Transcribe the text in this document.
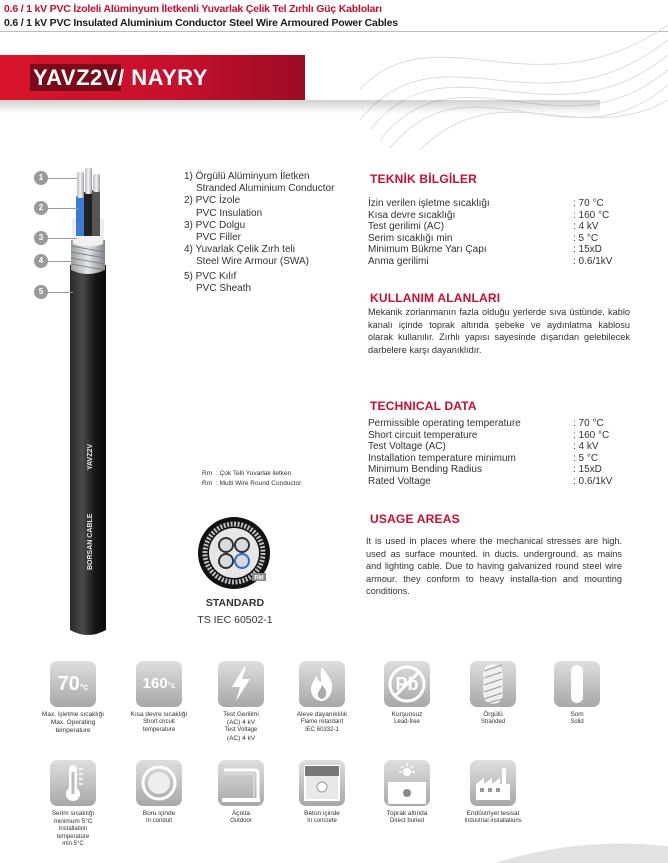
0.6 / 1 kV PVC İzoleli Alüminyum İletkenli Yuvarlak Çelik Tel Zırhlı Güç Kabloları
0.6 / 1 kV PVC Insulated Aluminium Conductor Steel Wire Armoured Power Cables
YAVZ2V / NAYRY
BORSAN CABLE
YAVZ2V
1
2
3
4
5
1) Örgülü Alüminyum İletken
Stranded Aluminium Conductor
2) PVC İzole
PVC Insulation
3) PVC Dolgu
PVC Filler
4) Yuvarlak Çelik Zırh teli
Steel Wire Armour (SWA)
5) PVC Kılıf
PVC Sheath
Rm : Çok Telli Yuvarlak iletken
Rm : Multi Wire Round Conductor
TEKNİK BİLGİLER
İzin verilen işletme sıcaklığı	: 70 °C
Kısa devre sıcaklığı	: 160 °C
Test gerilimi (AC)	: 4 kV
Serim sıcaklığı min	: 5 °C
Minimum Bükme Yarı Çapı	: 15xD
Anma gerilimi	: 0.6/1kV
KULLANIM ALANLARI
Mekanik zorlanmanın fazla olduğu yerlerde sıva üstünde. kablo kanalı içinde toprak altında şebeke ve aydınlatma kablosu olarak kullanılır. Zırhlı yapısı sayesinde dışarıdan gelebilecek darbelere karşı dayanıklıdır.
TECHNICAL DATA
Permissible operating temperature	: 70 °C
Short circuit temperature	: 160 °C
Test Voltage (AC)	: 4 kV
Installation temperature minimum	: 5 °C
Minimum Bending Radius	: 15xD
Rated Voltage	: 0.6/1kV
USAGE AREAS
It is used in places where the mechanical stresses are high. used as surface mounted. in ducts. underground. as mains and lighting cable. Due to having galvanized round steel wire armour. they conform to heavy installa-tion and mounting conditions.
RM
STANDARD
TS IEC 60502-1
70°c
Max. işletme sıcaklığı
Max. Operating
temperature
160°c
Kısa devre sıcaklığı
Short circuit
temperature
Test Gerilimi
(AC) 4 kV
Test Voltage
(AC) 4 kV
Aleve dayanıklılık
Flame retardant
IEC 60332-1
Pb
Kurşunsuz
Lead-free
Örgülü
Stranded
Som
Solid
Serim sıcaklığı
minimum 5°C
Installation
temperature
min 5°C
Boru içinde
In conduit
Açıkta
Outdoor
Beton içinde
In concrete
Toprak altında
Direct buried
Endüstriyel tesisat
Industrial installations
